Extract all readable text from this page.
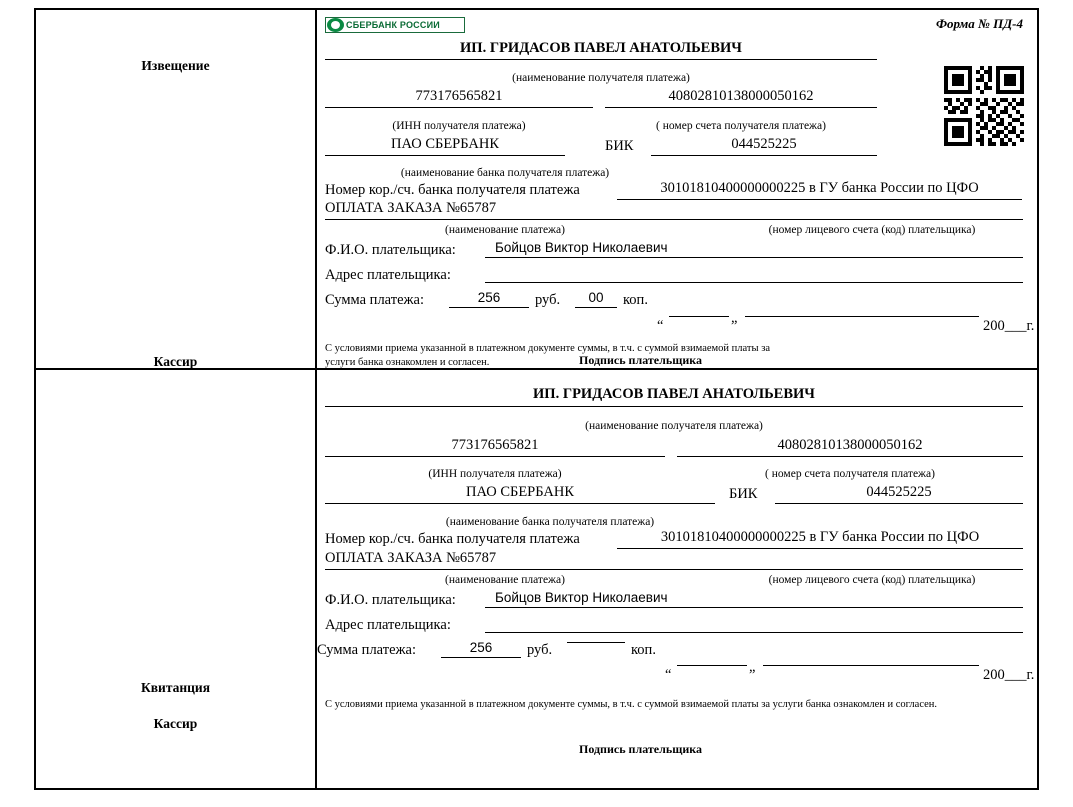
Извещение
Кассир
СБЕРБАНК РОССИИ	Форма № ПД-4
ИП. ГРИДАСОВ ПАВЕЛ АНАТОЛЬЕВИЧ
(наименование получателя платежа)
773176565821	40802810138000050162
(ИНН получателя платежа)	( номер счета получателя платежа)
ПАО СБЕРБАНК	БИК	044525225
(наименование банка получателя платежа)
Номер кор./сч. банка получателя платежа	30101810400000000225 в ГУ банка России по ЦФО
ОПЛАТА ЗАКАЗА №65787
(наименование платежа)	(номер лицевого счета (код) плательщика)
Ф.И.О. плательщика:	Бойцов Виктор Николаевич
Адрес плательщика:
Сумма платежа:	256	руб.	00	коп.
“	”	200___г.
С условиями приема указанной в платежном документе суммы, в т.ч. с суммой взимаемой платы за услуги банка ознакомлен и согласен.	Подпись плательщика
Квитанция
Кассир
ИП. ГРИДАСОВ ПАВЕЛ АНАТОЛЬЕВИЧ
(наименование получателя платежа)
773176565821	40802810138000050162
(ИНН получателя платежа)	( номер счета получателя платежа)
ПАО СБЕРБАНК	БИК	044525225
(наименование банка получателя платежа)
Номер кор./сч. банка получателя платежа	30101810400000000225 в ГУ банка России по ЦФО
ОПЛАТА ЗАКАЗА №65787
(наименование платежа)	(номер лицевого счета (код) плательщика)
Ф.И.О. плательщика:	Бойцов Виктор Николаевич
Адрес плательщика:
Сумма платежа:	256	руб.	коп.
“	”	200___г.
С условиями приема указанной в платежном документе суммы, в т.ч. с суммой взимаемой платы за услуги банка ознакомлен и согласен.
Подпись плательщика
